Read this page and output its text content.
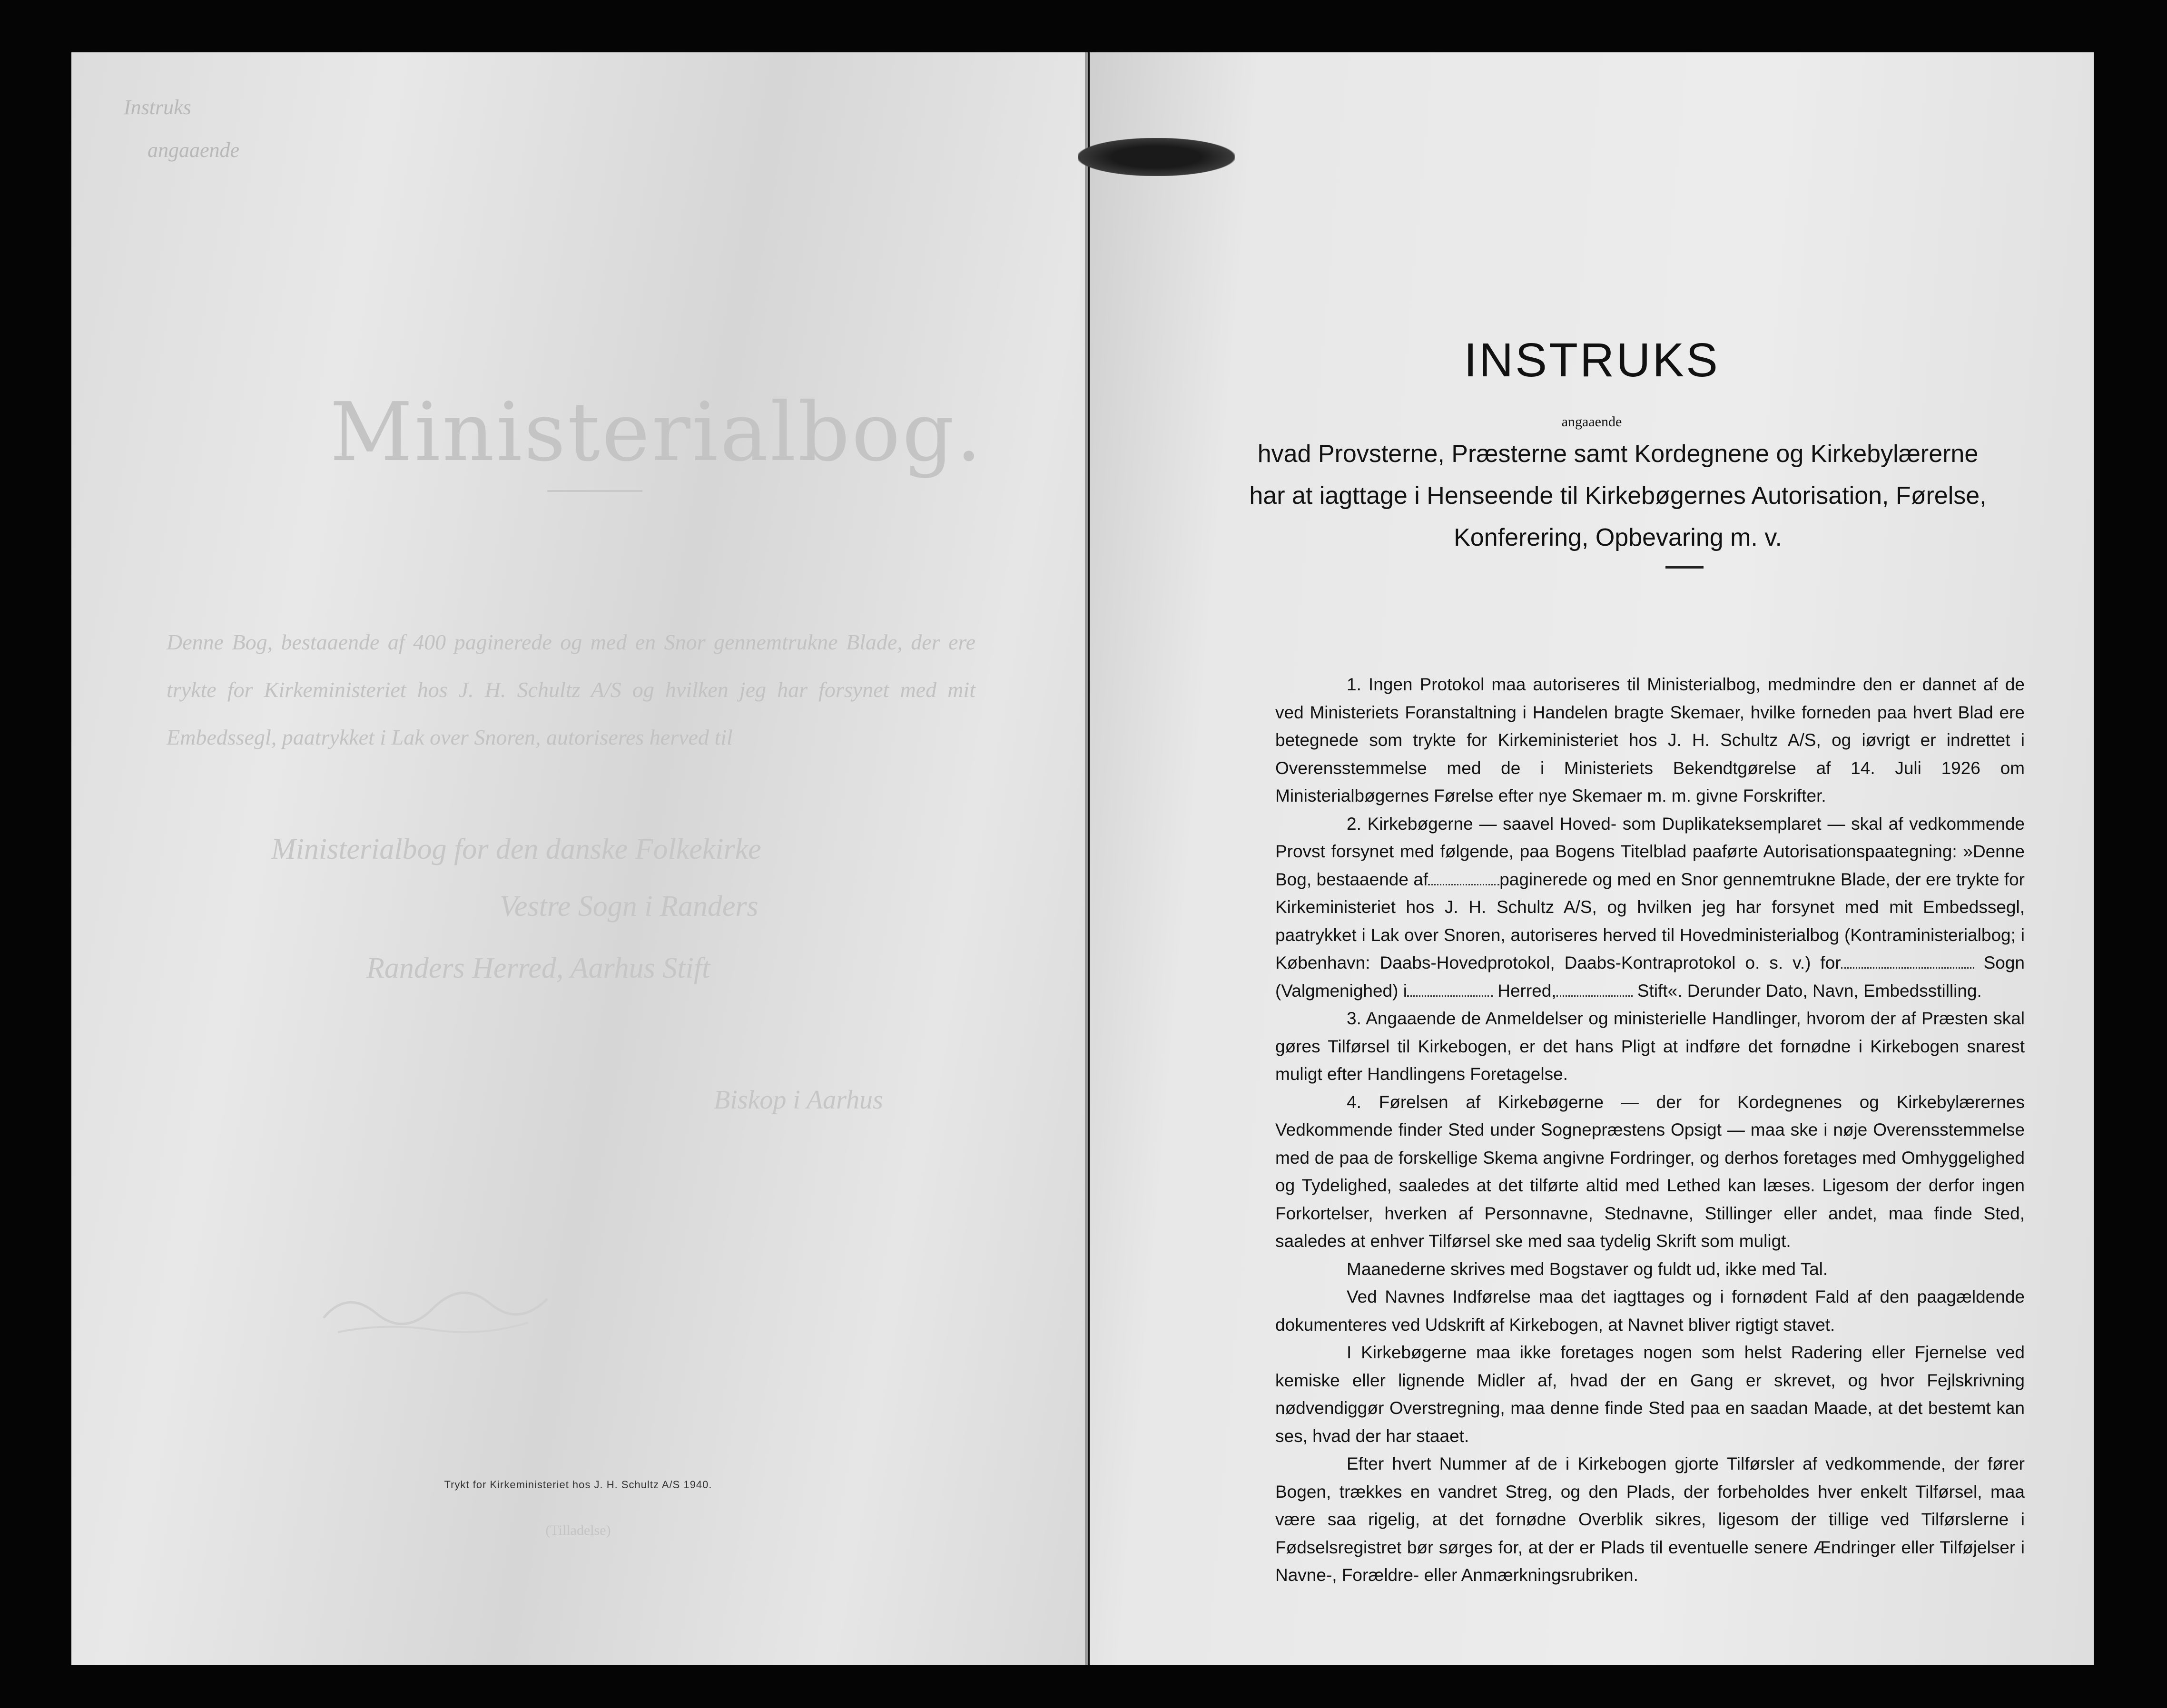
Instruks
angaaende
Ministerialbog.
Denne Bog, bestaaende af 400 paginerede og med en Snor gennemtrukne Blade, der ere trykte for Kirkeministeriet hos J. H. Schultz A/S og hvilken jeg har forsynet med mit Embedssegl, paatrykket i Lak over Snoren, autoriseres herved til
Ministerialbog for den danske Folkekirke
Vestre Sogn i Randers
Randers Herred, Aarhus Stift
Biskop i Aarhus
Trykt for Kirkeministeriet hos J. H. Schultz A/S 1940.
(Tilladelse)
INSTRUKS
angaaende
hvad Provsterne, Præsterne samt Kordegnene og Kirkebylærerne har at iagttage i Henseende til Kirkebøgernes Autorisation, Førelse, Konferering, Opbevaring m. v.

1. Ingen Protokol maa autoriseres til Ministerialbog, medmindre den er dannet af de ved Ministeriets Foranstaltning i Handelen bragte Skemaer, hvilke forneden paa hvert Blad ere betegnede som trykte for Kirkeministeriet hos J. H. Schultz A/S, og iøvrigt er indrettet i Overensstemmelse med de i Ministeriets Bekendtgørelse af 14. Juli 1926 om Ministerialbøgernes Førelse efter nye Skemaer m. m. givne Forskrifter.

2. Kirkebøgerne — saavel Hoved- som Duplikateksemplaret — skal af vedkommende Provst forsynet med følgende, paa Bogens Titelblad paaførte Autorisationspaategning: »Denne Bog, bestaaende af	paginerede og med en Snor gennemtrukne Blade, der ere trykte for Kirkeministeriet hos J. H. Schultz A/S, og hvilken jeg har forsynet med mit Embedssegl, paatrykket i Lak over Snoren, autoriseres herved til Hovedministerialbog (Kontraministerialbog; i København: Daabs-Hovedprotokol, Daabs-Kontraprotokol o. s. v.) for	Sogn (Valgmenighed) i	Herred,	Stift«. Derunder Dato, Navn, Embedsstilling.

3. Angaaende de Anmeldelser og ministerielle Handlinger, hvorom der af Præsten skal gøres Tilførsel til Kirkebogen, er det hans Pligt at indføre det fornødne i Kirkebogen snarest muligt efter Handlingens Foretagelse.

4. Førelsen af Kirkebøgerne — der for Kordegnenes og Kirkebylærernes Vedkommende finder Sted under Sognepræstens Opsigt — maa ske i nøje Overensstemmelse med de paa de forskellige Skema angivne Fordringer, og derhos foretages med Omhyggelighed og Tydelighed, saaledes at det tilførte altid med Lethed kan læses. Ligesom der derfor ingen Forkortelser, hverken af Personnavne, Stednavne, Stillinger eller andet, maa finde Sted, saaledes at enhver Tilførsel ske med saa tydelig Skrift som muligt.

Maanederne skrives med Bogstaver og fuldt ud, ikke med Tal.

Ved Navnes Indførelse maa det iagttages og i fornødent Fald af den paagældende dokumenteres ved Udskrift af Kirkebogen, at Navnet bliver rigtigt stavet.

I Kirkebøgerne maa ikke foretages nogen som helst Radering eller Fjernelse ved kemiske eller lignende Midler af, hvad der en Gang er skrevet, og hvor Fejlskrivning nødvendiggør Overstregning, maa denne finde Sted paa en saadan Maade, at det bestemt kan ses, hvad der har staaet.

Efter hvert Nummer af de i Kirkebogen gjorte Tilførsler af vedkommende, der fører Bogen, trækkes en vandret Streg, og den Plads, der forbeholdes hver enkelt Tilførsel, maa være saa rigelig, at det fornødne Overblik sikres, ligesom der tillige ved Tilførslerne i Fødselsregistret bør sørges for, at der er Plads til eventuelle senere Ændringer eller Tilføjelser i Navne-, Forældre- eller Anmærkningsrubriken.
